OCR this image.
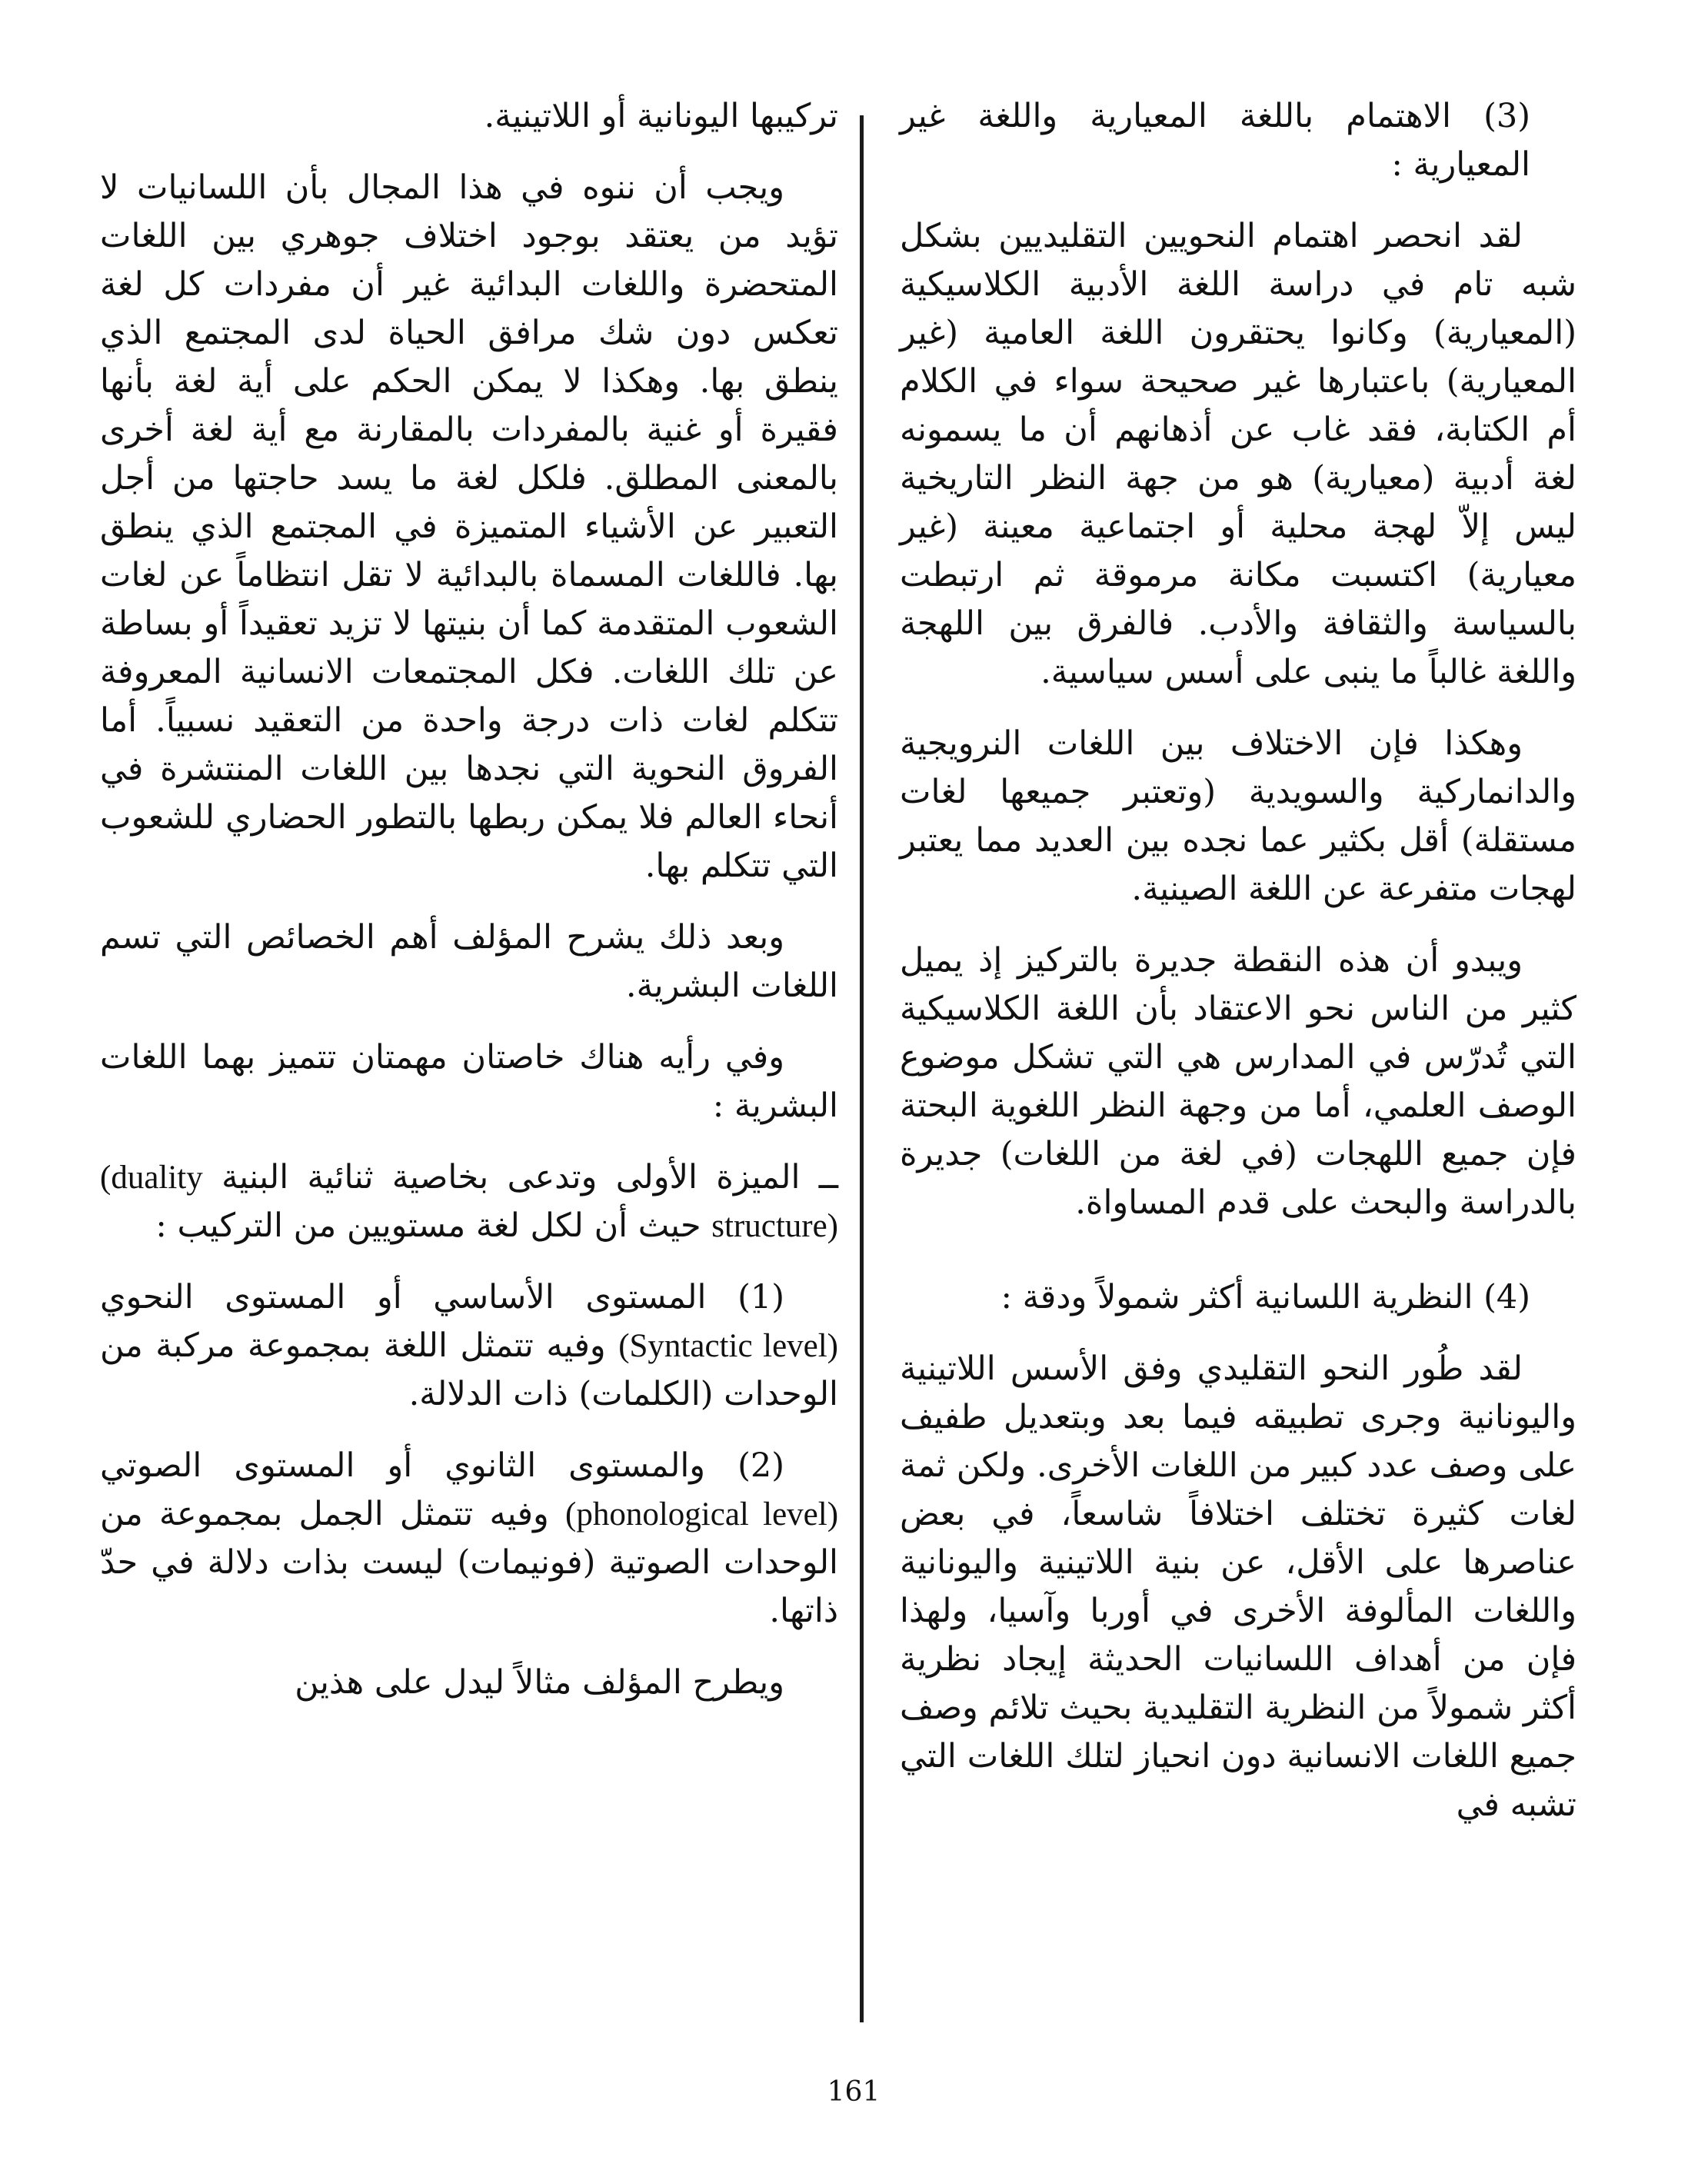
(3) الاهتمام باللغة المعيارية واللغة غير المعيارية :

لقد انحصر اهتمام النحويين التقليديين بشكل شبه تام في دراسة اللغة الأدبية الكلاسيكية (المعيارية) وكانوا يحتقرون اللغة العامية (غير المعيارية) باعتبارها غير صحيحة سواء في الكلام أم الكتابة، فقد غاب عن أذهانهم أن ما يسمونه لغة أدبية (معيارية) هو من جهة النظر التاريخية ليس إلاّ لهجة محلية أو اجتماعية معينة (غير معيارية) اكتسبت مكانة مرموقة ثم ارتبطت بالسياسة والثقافة والأدب. فالفرق بين اللهجة واللغة غالباً ما ينبى على أسس سياسية.

وهكذا فإن الاختلاف بين اللغات النرويجية والدانماركية والسويدية (وتعتبر جميعها لغات مستقلة) أقل بكثير عما نجده بين العديد مما يعتبر لهجات متفرعة عن اللغة الصينية.

ويبدو أن هذه النقطة جديرة بالتركيز إذ يميل كثير من الناس نحو الاعتقاد بأن اللغة الكلاسيكية التي تُدرّس في المدارس هي التي تشكل موضوع الوصف العلمي، أما من وجهة النظر اللغوية البحتة فإن جميع اللهجات (في لغة من اللغات) جديرة بالدراسة والبحث على قدم المساواة.

(4) النظرية اللسانية أكثر شمولاً ودقة :

لقد طُور النحو التقليدي وفق الأسس اللاتينية واليونانية وجرى تطبيقه فيما بعد وبتعديل طفيف على وصف عدد كبير من اللغات الأخرى. ولكن ثمة لغات كثيرة تختلف اختلافاً شاسعاً، في بعض عناصرها على الأقل، عن بنية اللاتينية واليونانية واللغات المألوفة الأخرى في أوربا وآسيا، ولهذا فإن من أهداف اللسانيات الحديثة إيجاد نظرية أكثر شمولاً من النظرية التقليدية بحيث تلائم وصف جميع اللغات الانسانية دون انحياز لتلك اللغات التي تشبه في

تركيبها اليونانية أو اللاتينية.

ويجب أن ننوه في هذا المجال بأن اللسانيات لا تؤيد من يعتقد بوجود اختلاف جوهري بين اللغات المتحضرة واللغات البدائية غير أن مفردات كل لغة تعكس دون شك مرافق الحياة لدى المجتمع الذي ينطق بها. وهكذا لا يمكن الحكم على أية لغة بأنها فقيرة أو غنية بالمفردات بالمقارنة مع أية لغة أخرى بالمعنى المطلق. فلكل لغة ما يسد حاجتها من أجل التعبير عن الأشياء المتميزة في المجتمع الذي ينطق بها. فاللغات المسماة بالبدائية لا تقل انتظاماً عن لغات الشعوب المتقدمة كما أن بنيتها لا تزيد تعقيداً أو بساطة عن تلك اللغات. فكل المجتمعات الانسانية المعروفة تتكلم لغات ذات درجة واحدة من التعقيد نسبياً. أما الفروق النحوية التي نجدها بين اللغات المنتشرة في أنحاء العالم فلا يمكن ربطها بالتطور الحضاري للشعوب التي تتكلم بها.

وبعد ذلك يشرح المؤلف أهم الخصائص التي تسم اللغات البشرية.

وفي رأيه هناك خاصتان مهمتان تتميز بهما اللغات البشرية :

ــ الميزة الأولى وتدعى بخاصية ثنائية البنية (duality structure) حيث أن لكل لغة مستويين من التركيب :

(1) المستوى الأساسي أو المستوى النحوي (Syntactic level) وفيه تتمثل اللغة بمجموعة مركبة من الوحدات (الكلمات) ذات الدلالة.

(2) والمستوى الثانوي أو المستوى الصوتي (phonological level) وفيه تتمثل الجمل بمجموعة من الوحدات الصوتية (فونيمات) ليست بذات دلالة في حدّ ذاتها.

ويطرح المؤلف مثالاً ليدل على هذين

161
